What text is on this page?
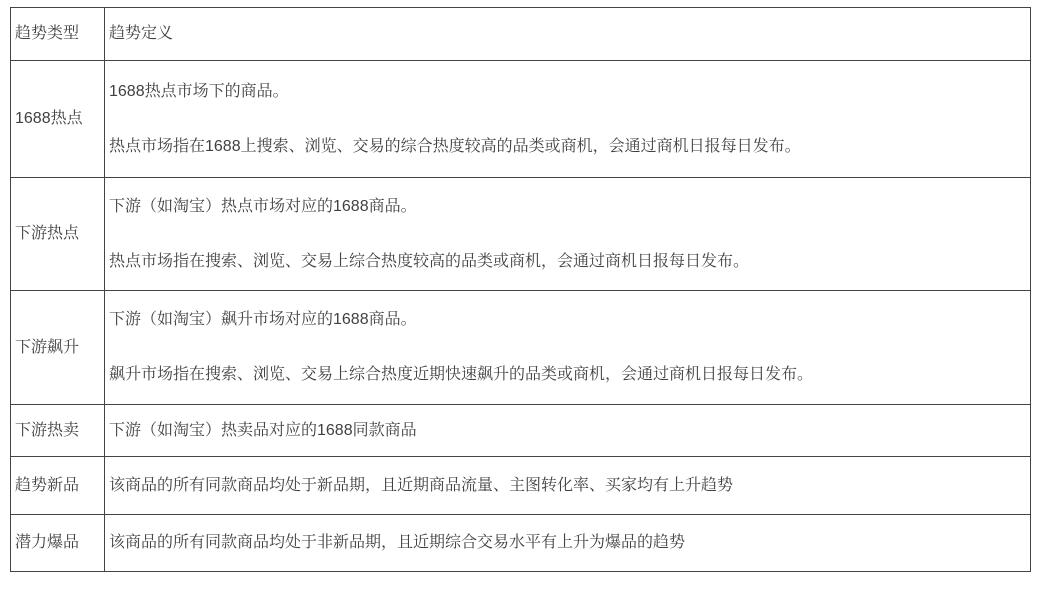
趋势类型	趋势定义
1688热点	1688热点市场下的商品。

热点市场指在1688上搜索、浏览、交易的综合热度较高的品类或商机，会通过商机日报每日发布。

下游热点	下游（如淘宝）热点市场对应的1688商品。

热点市场指在搜索、浏览、交易上综合热度较高的品类或商机，会通过商机日报每日发布。

下游飙升	下游（如淘宝）飙升市场对应的1688商品。

飙升市场指在搜索、浏览、交易上综合热度近期快速飙升的品类或商机，会通过商机日报每日发布。

下游热卖	下游（如淘宝）热卖品对应的1688同款商品

趋势新品	该商品的所有同款商品均处于新品期，且近期商品流量、主图转化率、买家均有上升趋势

潜力爆品	该商品的所有同款商品均处于非新品期，且近期综合交易水平有上升为爆品的趋势
